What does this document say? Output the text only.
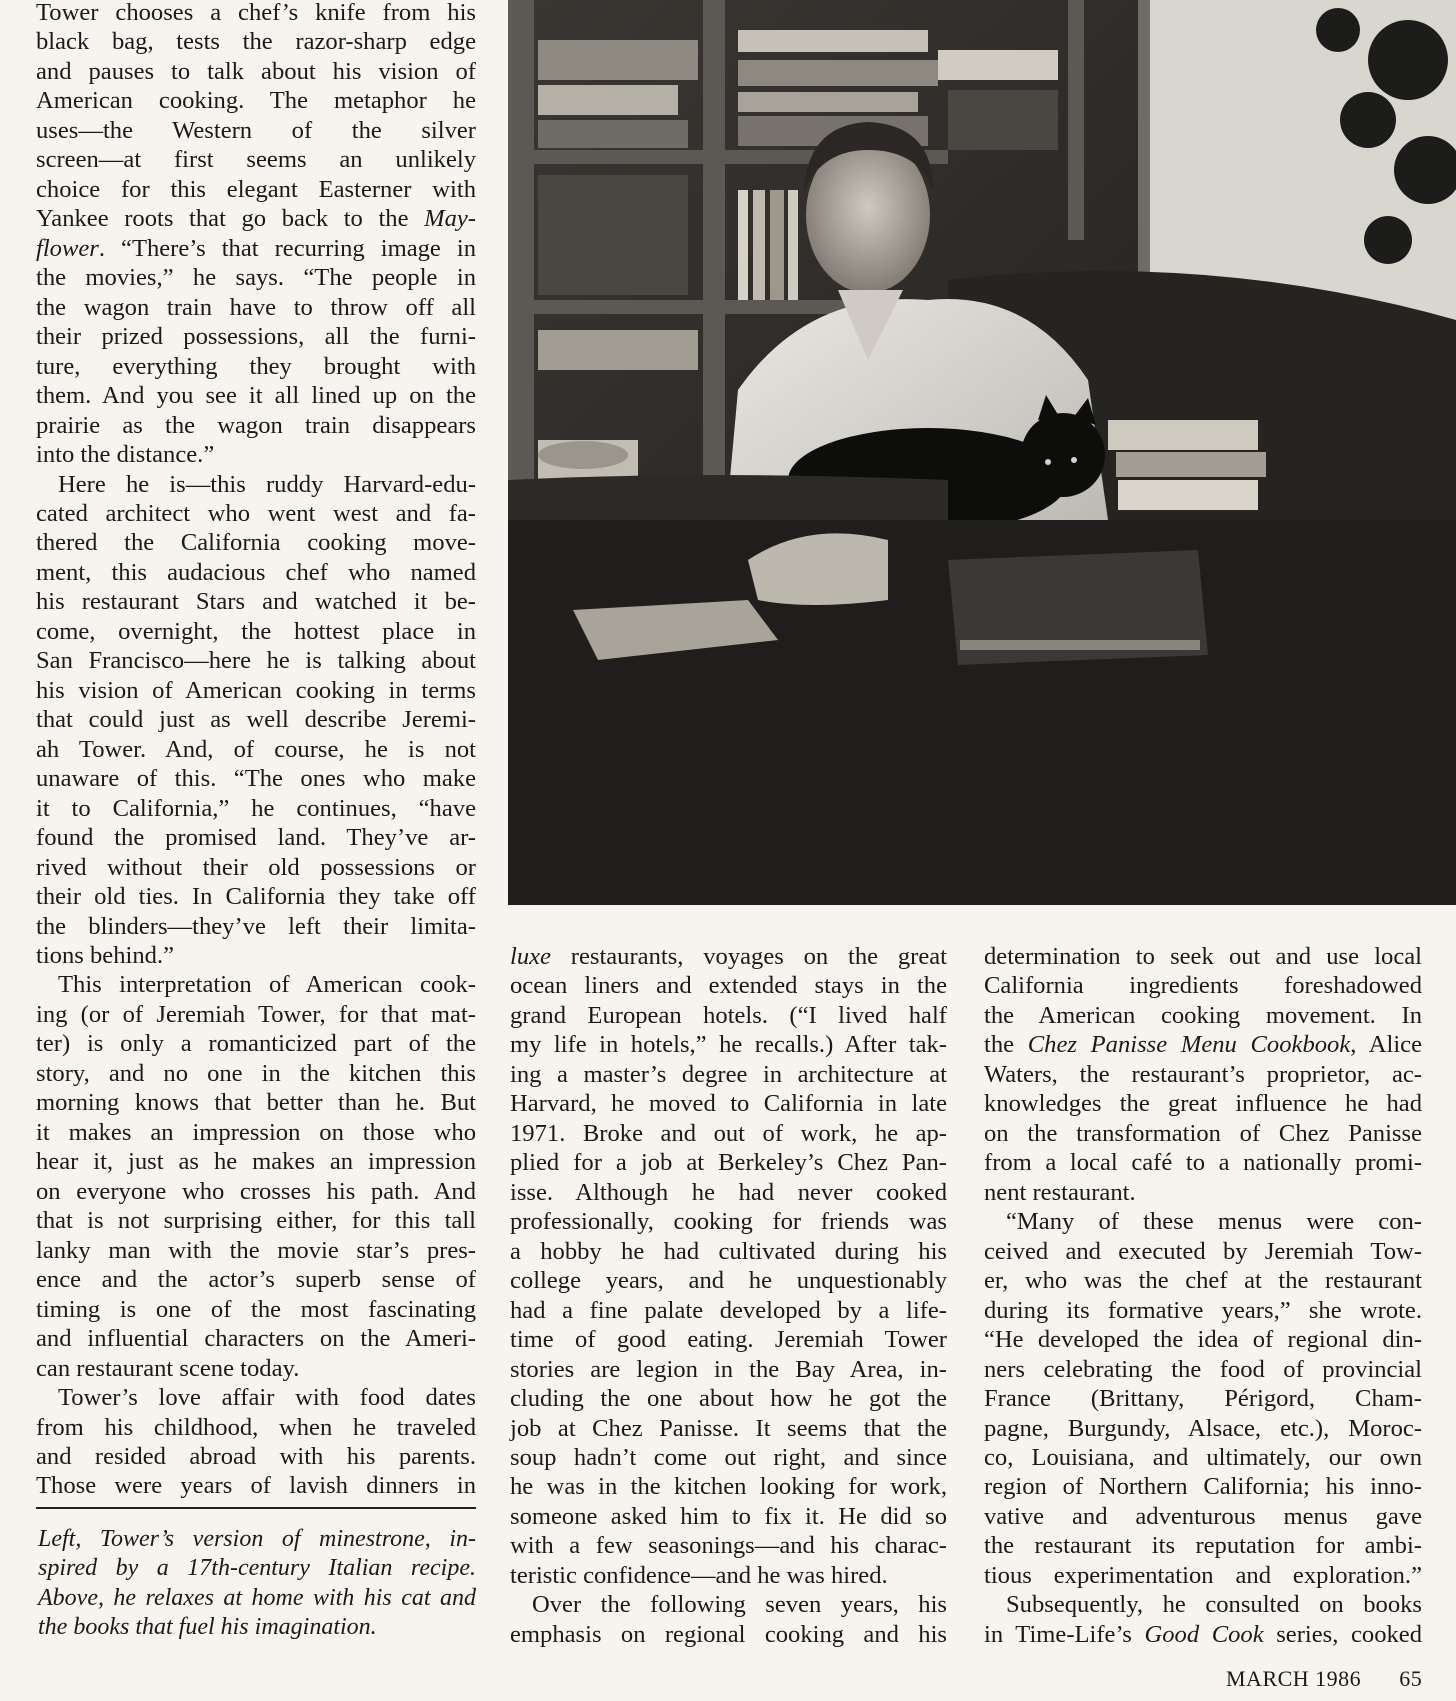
Tower chooses a chef’s knife from his
black bag, tests the razor-sharp edge
and pauses to talk about his vision of
American cooking. The metaphor he
uses—the Western of the silver
screen—at first seems an unlikely
choice for this elegant Easterner with
Yankee roots that go back to the May-
flower. “There’s that recurring image in
the movies,” he says. “The people in
the wagon train have to throw off all
their prized possessions, all the furni-
ture, everything they brought with
them. And you see it all lined up on the
prairie as the wagon train disappears
into the distance.”
Here he is—this ruddy Harvard-edu-
cated architect who went west and fa-
thered the California cooking move-
ment, this audacious chef who named
his restaurant Stars and watched it be-
come, overnight, the hottest place in
San Francisco—here he is talking about
his vision of American cooking in terms
that could just as well describe Jeremi-
ah Tower. And, of course, he is not
unaware of this. “The ones who make
it to California,” he continues, “have
found the promised land. They’ve ar-
rived without their old possessions or
their old ties. In California they take off
the blinders—they’ve left their limita-
tions behind.”
This interpretation of American cook-
ing (or of Jeremiah Tower, for that mat-
ter) is only a romanticized part of the
story, and no one in the kitchen this
morning knows that better than he. But
it makes an impression on those who
hear it, just as he makes an impression
on everyone who crosses his path. And
that is not surprising either, for this tall
lanky man with the movie star’s pres-
ence and the actor’s superb sense of
timing is one of the most fascinating
and influential characters on the Ameri-
can restaurant scene today.
Tower’s love affair with food dates
from his childhood, when he traveled
and resided abroad with his parents.
Those were years of lavish dinners in
luxe restaurants, voyages on the great
ocean liners and extended stays in the
grand European hotels. (“I lived half
my life in hotels,” he recalls.) After tak-
ing a master’s degree in architecture at
Harvard, he moved to California in late
1971. Broke and out of work, he ap-
plied for a job at Berkeley’s Chez Pan-
isse. Although he had never cooked
professionally, cooking for friends was
a hobby he had cultivated during his
college years, and he unquestionably
had a fine palate developed by a life-
time of good eating. Jeremiah Tower
stories are legion in the Bay Area, in-
cluding the one about how he got the
job at Chez Panisse. It seems that the
soup hadn’t come out right, and since
he was in the kitchen looking for work,
someone asked him to fix it. He did so
with a few seasonings—and his charac-
teristic confidence—and he was hired.
Over the following seven years, his
emphasis on regional cooking and his
determination to seek out and use local
California ingredients foreshadowed
the American cooking movement. In
the Chez Panisse Menu Cookbook, Alice
Waters, the restaurant’s proprietor, ac-
knowledges the great influence he had
on the transformation of Chez Panisse
from a local café to a nationally promi-
nent restaurant.
“Many of these menus were con-
ceived and executed by Jeremiah Tow-
er, who was the chef at the restaurant
during its formative years,” she wrote.
“He developed the idea of regional din-
ners celebrating the food of provincial
France (Brittany, Périgord, Cham-
pagne, Burgundy, Alsace, etc.), Moroc-
co, Louisiana, and ultimately, our own
region of Northern California; his inno-
vative and adventurous menus gave
the restaurant its reputation for ambi-
tious experimentation and exploration.”
Subsequently, he consulted on books
in Time-Life’s Good Cook series, cooked
Left, Tower’s version of minestrone, in-
spired by a 17th-century Italian recipe.
Above, he relaxes at home with his cat and
the books that fuel his imagination.
MARCH 1986 65
